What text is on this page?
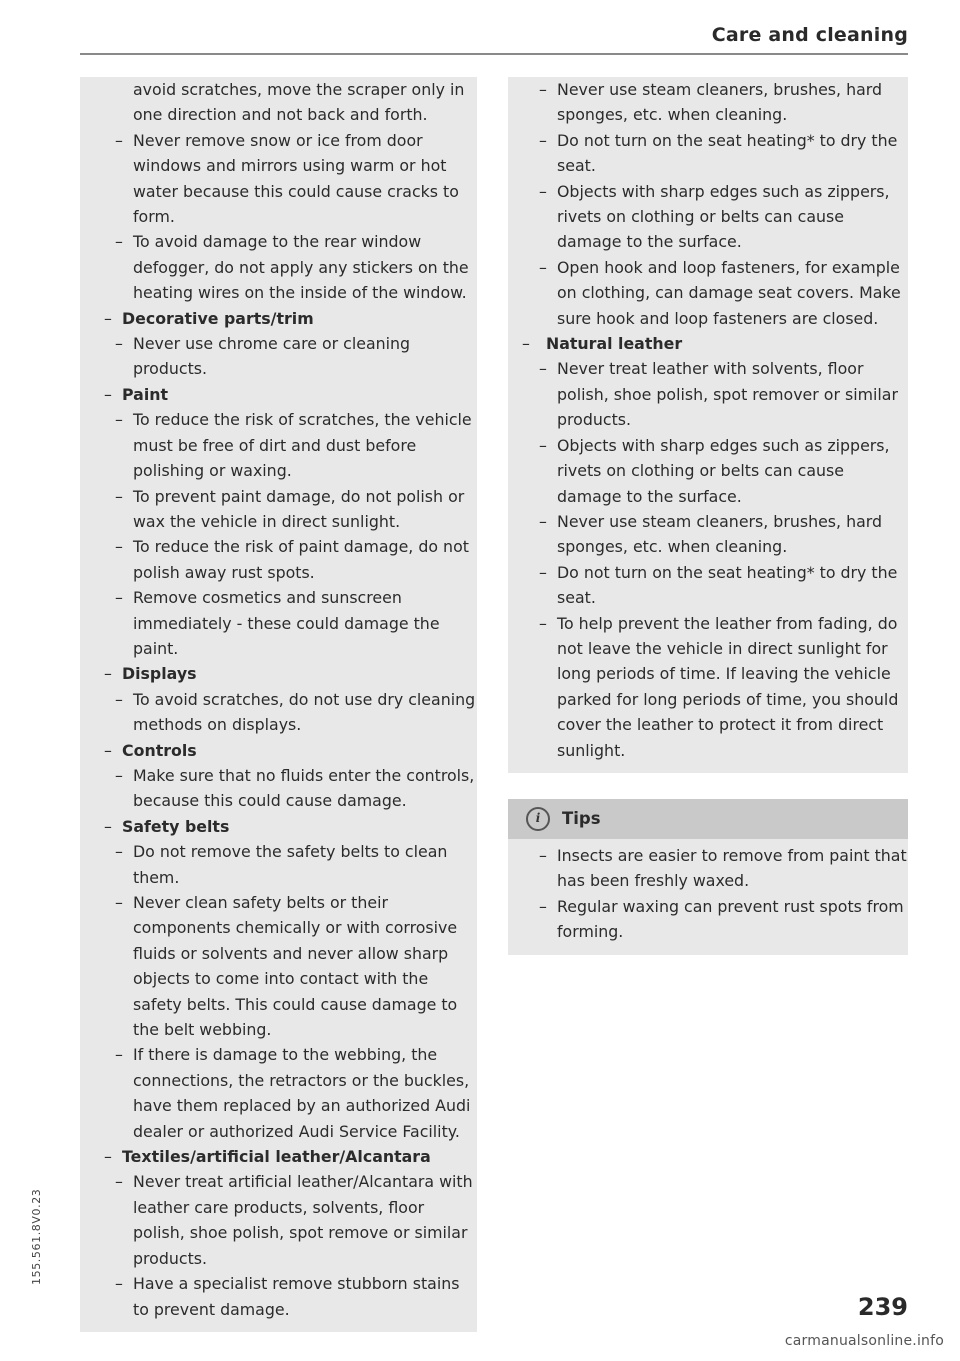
Care and cleaning
avoid scratches, move the scraper only in one direction and not back and forth.
– Never remove snow or ice from door windows and mirrors using warm or hot water because this could cause cracks to form.
– To avoid damage to the rear window defogger, do not apply any stickers on the heating wires on the inside of the window.
– Decorative parts/trim
– Never use chrome care or cleaning products.
– Paint
– To reduce the risk of scratches, the vehicle must be free of dirt and dust before polishing or waxing.
– To prevent paint damage, do not polish or wax the vehicle in direct sunlight.
– To reduce the risk of paint damage, do not polish away rust spots.
– Remove cosmetics and sunscreen immediately - these could damage the paint.
– Displays
– To avoid scratches, do not use dry cleaning methods on displays.
– Controls
– Make sure that no fluids enter the controls, because this could cause damage.
– Safety belts
– Do not remove the safety belts to clean them.
– Never clean safety belts or their components chemically or with corrosive fluids or solvents and never allow sharp objects to come into contact with the safety belts. This could cause damage to the belt webbing.
– If there is damage to the webbing, the connections, the retractors or the buckles, have them replaced by an authorized Audi dealer or authorized Audi Service Facility.
– Textiles/artificial leather/Alcantara
– Never treat artificial leather/Alcantara with leather care products, solvents, floor polish, shoe polish, spot remove or similar products.
– Have a specialist remove stubborn stains to prevent damage.
– Never use steam cleaners, brushes, hard sponges, etc. when cleaning.
– Do not turn on the seat heating* to dry the seat.
– Objects with sharp edges such as zippers, rivets on clothing or belts can cause damage to the surface.
– Open hook and loop fasteners, for example on clothing, can damage seat covers. Make sure hook and loop fasteners are closed.
– Natural leather
– Never treat leather with solvents, floor polish, shoe polish, spot remover or similar products.
– Objects with sharp edges such as zippers, rivets on clothing or belts can cause damage to the surface.
– Never use steam cleaners, brushes, hard sponges, etc. when cleaning.
– Do not turn on the seat heating* to dry the seat.
– To help prevent the leather from fading, do not leave the vehicle in direct sunlight for long periods of time. If leaving the vehicle parked for long periods of time, you should cover the leather to protect it from direct sunlight.
i	Tips
– Insects are easier to remove from paint that has been freshly waxed.
– Regular waxing can prevent rust spots from forming.
239
155.561.8V0.23
carmanualsonline.info
